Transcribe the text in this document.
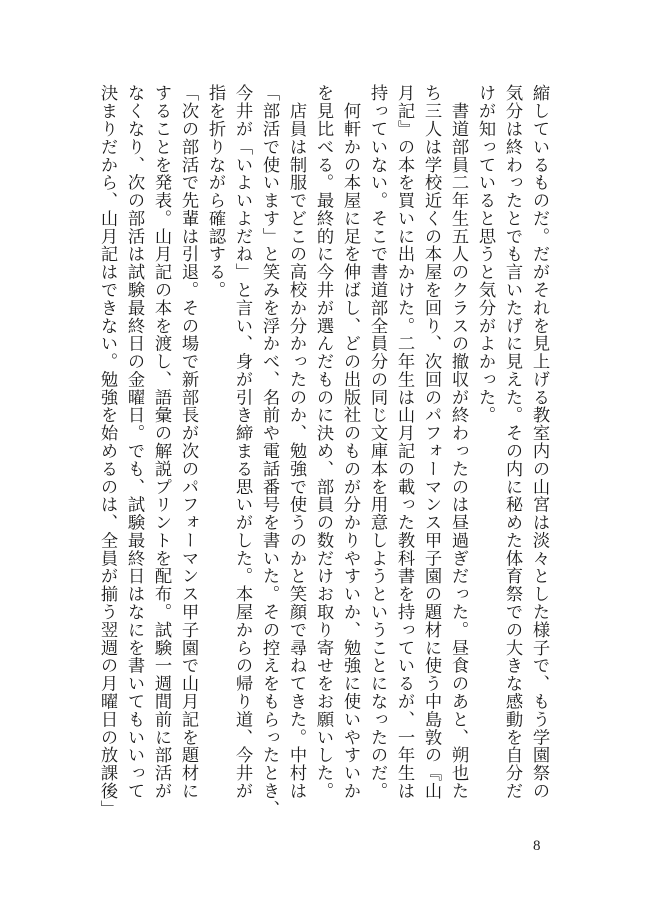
縮しているものだ。だがそれを見上げる教室内の山宮は淡々とした様子で、もう学園祭の

気分は終わったとでも言いたげに見えた。その内に秘めた体育祭での大きな感動を自分だ

けが知っていると思うと気分がよかった。

　書道部員二年生五人のクラスの撤収が終わったのは昼過ぎだった。昼食のあと、朔也た

ち三人は学校近くの本屋を回り、次回のパフォーマンス甲子園の題材に使う中島敦の『山

月記』の本を買いに出かけた。二年生は山月記の載った教科書を持っているが、一年生は

持っていない。そこで書道部全員分の同じ文庫本を用意しようということになったのだ。

　何軒かの本屋に足を伸ばし、どの出版社のものが分かりやすいか、勉強に使いやすいか

を見比べる。最終的に今井が選んだものに決め、部員の数だけお取り寄せをお願いした。

　店員は制服でどこの高校か分かったのか、勉強で使うのかと笑顔で尋ねてきた。中村は

「部活で使います」と笑みを浮かべ、名前や電話番号を書いた。その控えをもらったとき、

今井が「いよいよだね」と言い、身が引き締まる思いがした。本屋からの帰り道、今井が

指を折りながら確認する。

「次の部活で先輩は引退。その場で新部長が次のパフォーマンス甲子園で山月記を題材に

することを発表。山月記の本を渡し、語彙の解説プリントを配布。試験一週間前に部活が

なくなり、次の部活は試験最終日の金曜日。でも、試験最終日はなにを書いてもいいって

決まりだから、山月記はできない。勉強を始めるのは、全員が揃う翌週の月曜日の放課後」

8
